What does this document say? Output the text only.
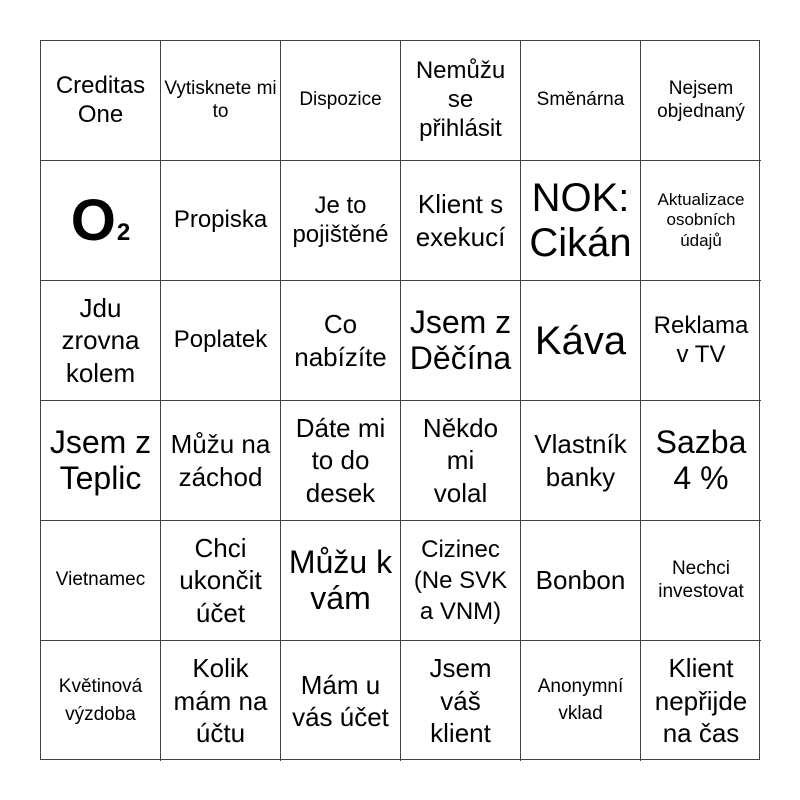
Creditas One
Vytisknete mi to
Dispozice
Nemůžu se přihlásit
Směnárna
Nejsem objednaný
O 2 Propiska
Je to pojištěné
Klient s exekucí
NOK: Cikán
Aktualizace osobních údajů
Jdu zrovna kolem
Poplatek
Co nabízíte
Jsem z Děčína Káva	Reklama v TV
Jsem z Teplic
Můžu na záchod
Dáte mi to do desek
Někdo mi volal
Vlastník banky
Sazba 4 %
Vietnamec
Chci ukončit účet
Můžu k vám
Cizinec (Ne SVK a VNM)
Bonbon	Nechci investovat
Květinová výzdoba
Kolik mám na účtu
Mám u vás účet
Jsem váš klient
Anonymní vklad
Klient nepřijde na čas
